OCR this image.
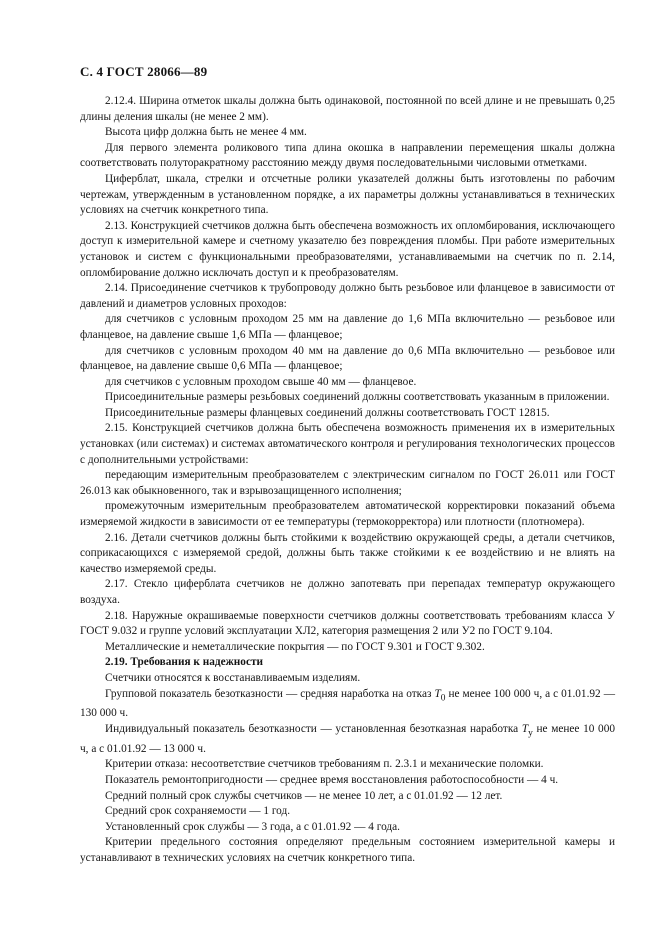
С. 4 ГОСТ 28066—89

2.12.4. Ширина отметок шкалы должна быть одинаковой, постоянной по всей длине и не превышать 0,25 длины деления шкалы (не менее 2 мм).

Высота цифр должна быть не менее 4 мм.

Для первого элемента роликового типа длина окошка в направлении перемещения шкалы должна соответствовать полуторакратному расстоянию между двумя последовательными числовыми отметками.

Циферблат, шкала, стрелки и отсчетные ролики указателей должны быть изготовлены по рабочим чертежам, утвержденным в установленном порядке, а их параметры должны устанавливаться в технических условиях на счетчик конкретного типа.

2.13. Конструкцией счетчиков должна быть обеспечена возможность их опломбирования, исключающего доступ к измерительной камере и счетному указателю без повреждения пломбы. При работе измерительных установок и систем с функциональными преобразователями, устанавливаемыми на счетчик по п. 2.14, опломбирование должно исключать доступ и к преобразователям.

2.14. Присоединение счетчиков к трубопроводу должно быть резьбовое или фланцевое в зависимости от давлений и диаметров условных проходов:

для счетчиков с условным проходом 25 мм на давление до 1,6 МПа включительно — резьбовое или фланцевое, на давление свыше 1,6 МПа — фланцевое;

для счетчиков с условным проходом 40 мм на давление до 0,6 МПа включительно — резьбовое или фланцевое, на давление свыше 0,6 МПа — фланцевое;

для счетчиков с условным проходом свыше 40 мм — фланцевое.

Присоединительные размеры резьбовых соединений должны соответствовать указанным в приложении.

Присоединительные размеры фланцевых соединений должны соответствовать ГОСТ 12815.

2.15. Конструкцией счетчиков должна быть обеспечена возможность применения их в измерительных установках (или системах) и системах автоматического контроля и регулирования технологических процессов с дополнительными устройствами:

передающим измерительным преобразователем с электрическим сигналом по ГОСТ 26.011 или ГОСТ 26.013 как обыкновенного, так и взрывозащищенного исполнения;

промежуточным измерительным преобразователем автоматической корректировки показаний объема измеряемой жидкости в зависимости от ее температуры (термокорректора) или плотности (плотномера).

2.16. Детали счетчиков должны быть стойкими к воздействию окружающей среды, а детали счетчиков, соприкасающихся с измеряемой средой, должны быть также стойкими к ее воздействию и не влиять на качество измеряемой среды.

2.17. Стекло циферблата счетчиков не должно запотевать при перепадах температур окружающего воздуха.

2.18. Наружные окрашиваемые поверхности счетчиков должны соответствовать требованиям класса У ГОСТ 9.032 и группе условий эксплуатации ХЛ2, категория размещения 2 или У2 по ГОСТ 9.104.

Металлические и неметаллические покрытия — по ГОСТ 9.301 и ГОСТ 9.302.

2.19. Требования к надежности

Счетчики относятся к восстанавливаемым изделиям.

Групповой показатель безотказности — средняя наработка на отказ $T_0$ не менее 100 000 ч, а с 01.01.92 — 130 000 ч.

Индивидуальный показатель безотказности — установленная безотказная наработка $T_у$ не менее 10 000 ч, а с 01.01.92 — 13 000 ч.

Критерии отказа: несоответствие счетчиков требованиям п. 2.3.1 и механические поломки.

Показатель ремонтопригодности — среднее время восстановления работоспособности — 4 ч.

Средний полный срок службы счетчиков — не менее 10 лет, а с 01.01.92 — 12 лет.

Средний срок сохраняемости — 1 год.

Установленный срок службы — 3 года, а с 01.01.92 — 4 года.

Критерии предельного состояния определяют предельным состоянием измерительной камеры и устанавливают в технических условиях на счетчик конкретного типа.
